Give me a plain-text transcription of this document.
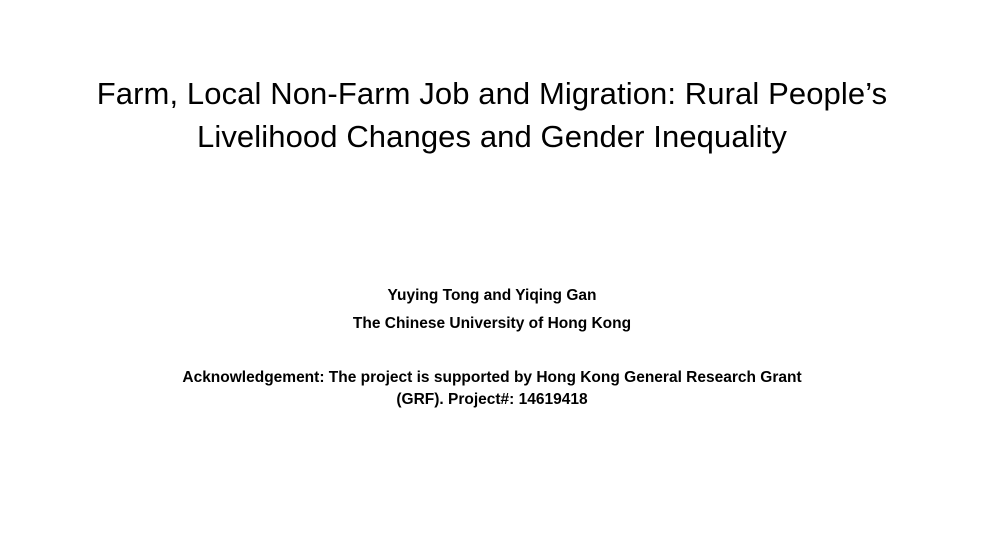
Farm, Local Non-Farm Job and Migration: Rural People’s
Livelihood Changes and Gender Inequality
Yuying Tong and Yiqing Gan
The Chinese University of Hong Kong
Acknowledgement: The project is supported by Hong Kong General Research Grant
(GRF). Project#: 14619418
